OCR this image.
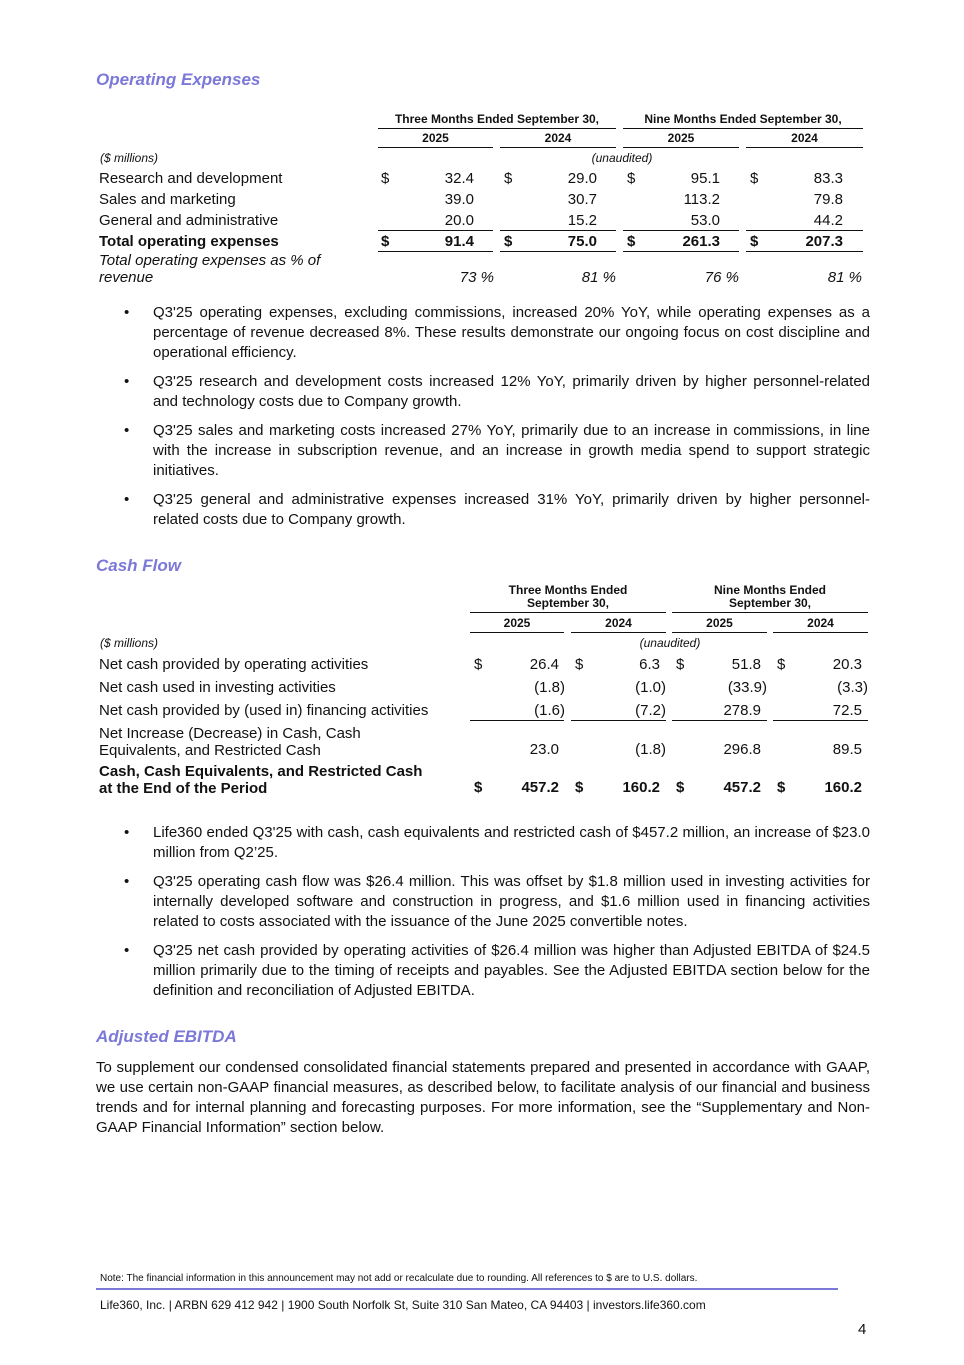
Operating Expenses
Three Months Ended September 30,	Nine Months Ended September 30,
2025	2024	2025	2024
($ millions)	(unaudited)
Research and development	$	32.4 $	29.0 $	95.1 $	83.3
Sales and marketing	39.0	30.7	113.2	79.8
General and administrative	20.0	15.2	53.0	44.2
Total operating expenses	$	91.4 $	75.0 $	261.3 $	207.3
Total operating expenses as % of
revenue	73 %	81 %	76 %	81 %
• Q3'25 operating expenses, excluding commissions, increased 20% YoY, while operating expenses as a percentage of revenue decreased 8%. These results demonstrate our ongoing focus on cost discipline and operational efficiency.
• Q3'25 research and development costs increased 12% YoY, primarily driven by higher personnel-related and technology costs due to Company growth.
• Q3'25 sales and marketing costs increased 27% YoY, primarily due to an increase in commissions, in line with the increase in subscription revenue, and an increase in growth media spend to support strategic initiatives.
• Q3'25 general and administrative expenses increased 31% YoY, primarily driven by higher personnel-related costs due to Company growth.
Cash Flow
Three Months Ended
September 30,
Nine Months Ended
September 30,
2025	2024	2025	2024
($ millions)	(unaudited)
Net cash provided by operating activities	$	26.4 $	6.3 $	51.8 $	20.3
Net cash used in investing activities	(1.8)	(1.0)	(33.9)	(3.3)
Net cash provided by (used in) financing activities	(1.6)	(7.2)	278.9	72.5
Net Increase (Decrease) in Cash, Cash
Equivalents, and Restricted Cash	23.0	(1.8)	296.8	89.5
Cash, Cash Equivalents, and Restricted Cash
at the End of the Period	$	457.2 $	160.2 $	457.2 $	160.2
• Life360 ended Q3'25 with cash, cash equivalents and restricted cash of $457.2 million, an increase of $23.0 million from Q2’25.
• Q3'25 operating cash flow was $26.4 million. This was offset by $1.8 million used in investing activities for internally developed software and construction in progress, and $1.6 million used in financing activities related to costs associated with the issuance of the June 2025 convertible notes.
• Q3'25 net cash provided by operating activities of $26.4 million was higher than Adjusted EBITDA of $24.5 million primarily due to the timing of receipts and payables. See the Adjusted EBITDA section below for the definition and reconciliation of Adjusted EBITDA.
Adjusted EBITDA
To supplement our condensed consolidated financial statements prepared and presented in accordance with GAAP, we use certain non-GAAP financial measures, as described below, to facilitate analysis of our financial and business trends and for internal planning and forecasting purposes. For more information, see the “Supplementary and Non-GAAP Financial Information” section below.
Note: The financial information in this announcement may not add or recalculate due to rounding. All references to $ are to U.S. dollars.
Life360, Inc. | ARBN 629 412 942 | 1900 South Norfolk St, Suite 310 San Mateo, CA 94403 | investors.life360.com
4
